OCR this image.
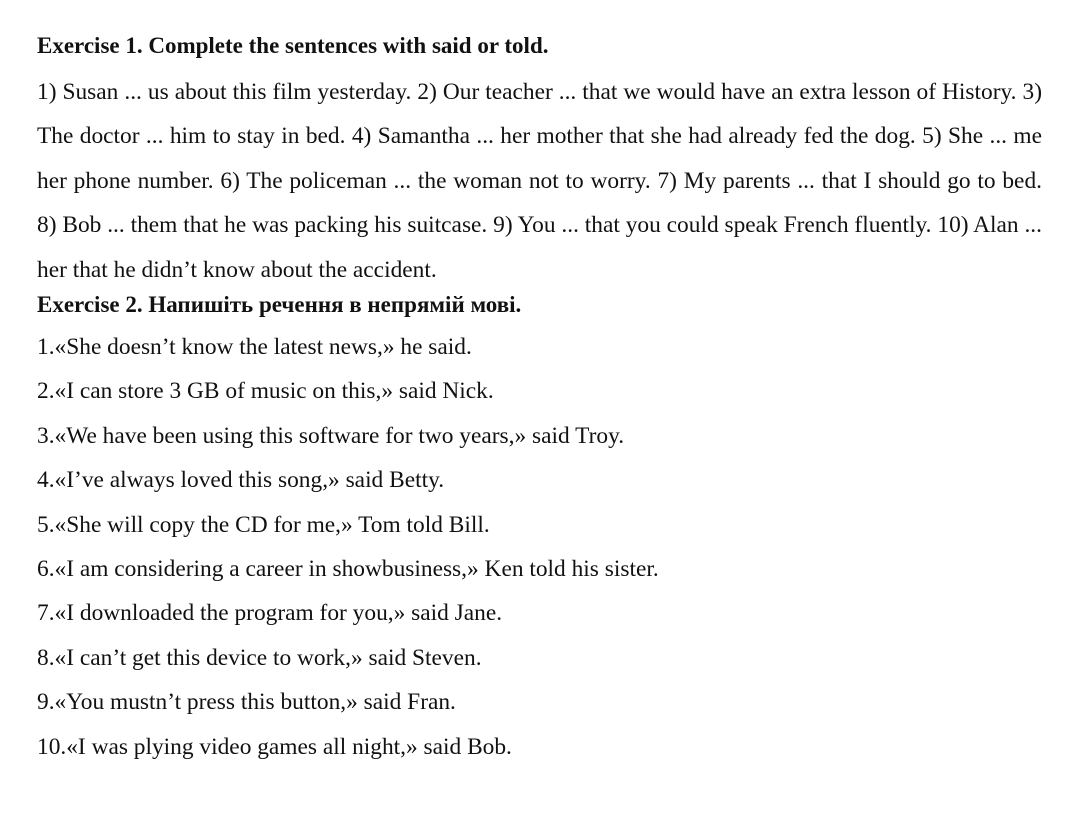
Exercise 1. Complete the sentences with said or told.

1) Susan ... us about this film yesterday. 2) Our teacher ... that we would have an extra lesson of History. 3) The doctor ... him to stay in bed. 4) Samantha ... her mother that she had already fed the dog. 5) She ... me her phone number. 6) The policeman ... the woman not to worry. 7) My parents ... that I should go to bed. 8) Bob ... them that he was packing his suitcase. 9) You ... that you could speak French fluently. 10) Alan ... her that he didn’t know about the accident.

Exercise 2. Напишіть речення в непрямій мові.
1.«She doesn’t know the latest news,» he said.
2.«I can store 3 GB of music on this,» said Nick.
3.«We have been using this software for two years,» said Troy.
4.«I’ve always loved this song,» said Betty.
5.«She will copy the CD for me,» Tom told Bill.
6.«I am considering a career in showbusiness,» Ken told his sister.
7.«I downloaded the program for you,» said Jane.
8.«I can’t get this device to work,» said Steven.
9.«You mustn’t press this button,» said Fran.
10.«I was plying video games all night,» said Bob.
